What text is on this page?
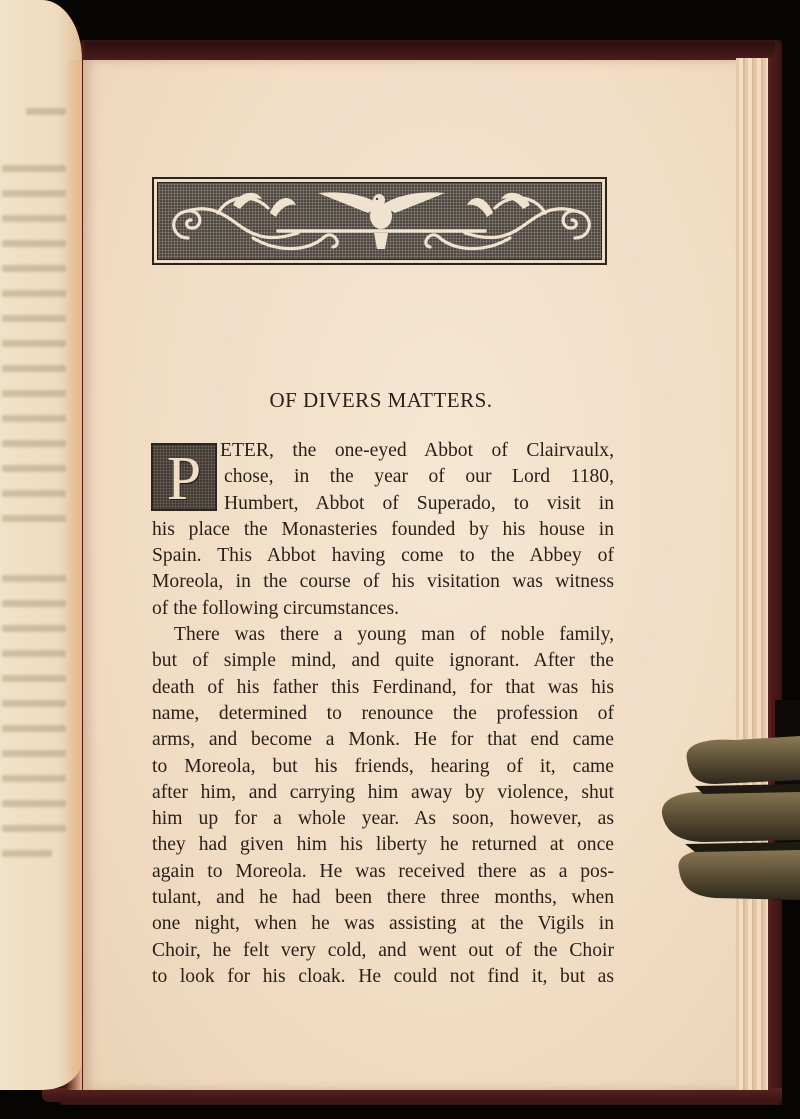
OF DIVERS MATTERS.
P ETER, the one-eyed Abbot of Clairvaulx,
chose, in the year of our Lord 1180,
Humbert, Abbot of Superado, to visit in
his place the Monasteries founded by his house in
Spain. This Abbot having come to the Abbey of
Moreola, in the course of his visitation was witness
of the following circumstances.
There was there a young man of noble family,
but of simple mind, and quite ignorant. After the
death of his father this Ferdinand, for that was his
name, determined to renounce the profession of
arms, and become a Monk. He for that end came
to Moreola, but his friends, hearing of it, came
after him, and carrying him away by violence, shut
him up for a whole year. As soon, however, as
they had given him his liberty he returned at once
again to Moreola. He was received there as a pos-
tulant, and he had been there three months, when
one night, when he was assisting at the Vigils in
Choir, he felt very cold, and went out of the Choir
to look for his cloak. He could not find it, but as
